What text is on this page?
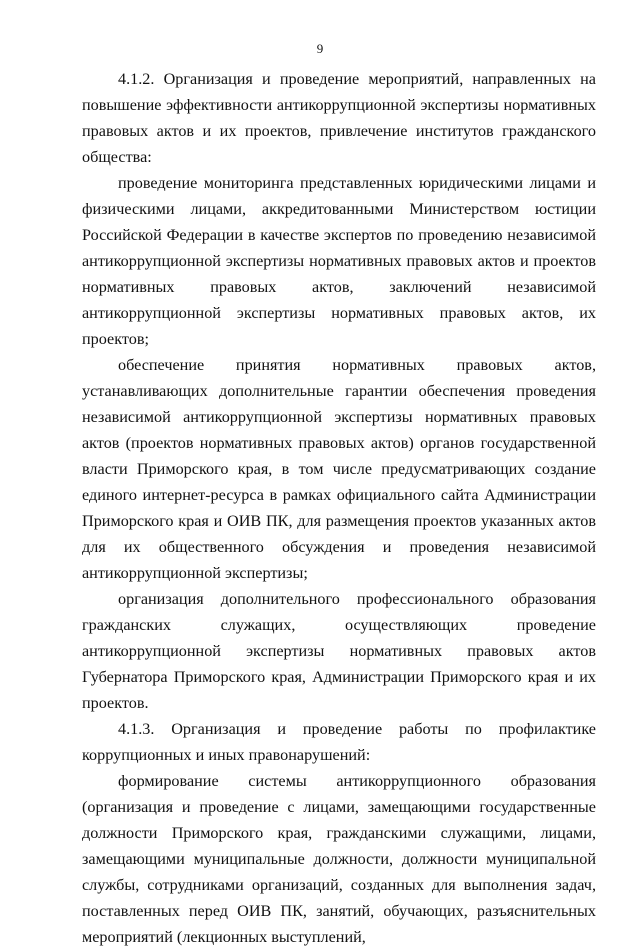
9

4.1.2. Организация и проведение мероприятий, направленных на повышение эффективности антикоррупционной экспертизы нормативных правовых актов и их проектов, привлечение институтов гражданского общества:

проведение мониторинга представленных юридическими лицами и физическими лицами, аккредитованными Министерством юстиции Российской Федерации в качестве экспертов по проведению независимой антикоррупционной экспертизы нормативных правовых актов и проектов нормативных правовых актов, заключений независимой антикоррупционной экспертизы нормативных правовых актов, их проектов;

обеспечение принятия нормативных правовых актов, устанавливающих дополнительные гарантии обеспечения проведения независимой антикоррупционной экспертизы нормативных правовых актов (проектов нормативных правовых актов) органов государственной власти Приморского края, в том числе предусматривающих создание единого интернет-ресурса в рамках официального сайта Администрации Приморского края и ОИВ ПК, для размещения проектов указанных актов для их общественного обсуждения и проведения независимой антикоррупционной экспертизы;

организация дополнительного профессионального образования гражданских служащих, осуществляющих проведение антикоррупционной экспертизы нормативных правовых актов Губернатора Приморского края, Администрации Приморского края и их проектов.

4.1.3. Организация и проведение работы по профилактике коррупционных и иных правонарушений:

формирование системы антикоррупционного образования (организация и проведение с лицами, замещающими государственные должности Приморского края, гражданскими служащими, лицами, замещающими муниципальные должности, должности муниципальной службы, сотрудниками организаций, созданных для выполнения задач, поставленных перед ОИВ ПК, занятий, обучающих, разъяснительных мероприятий (лекционных выступлений,
